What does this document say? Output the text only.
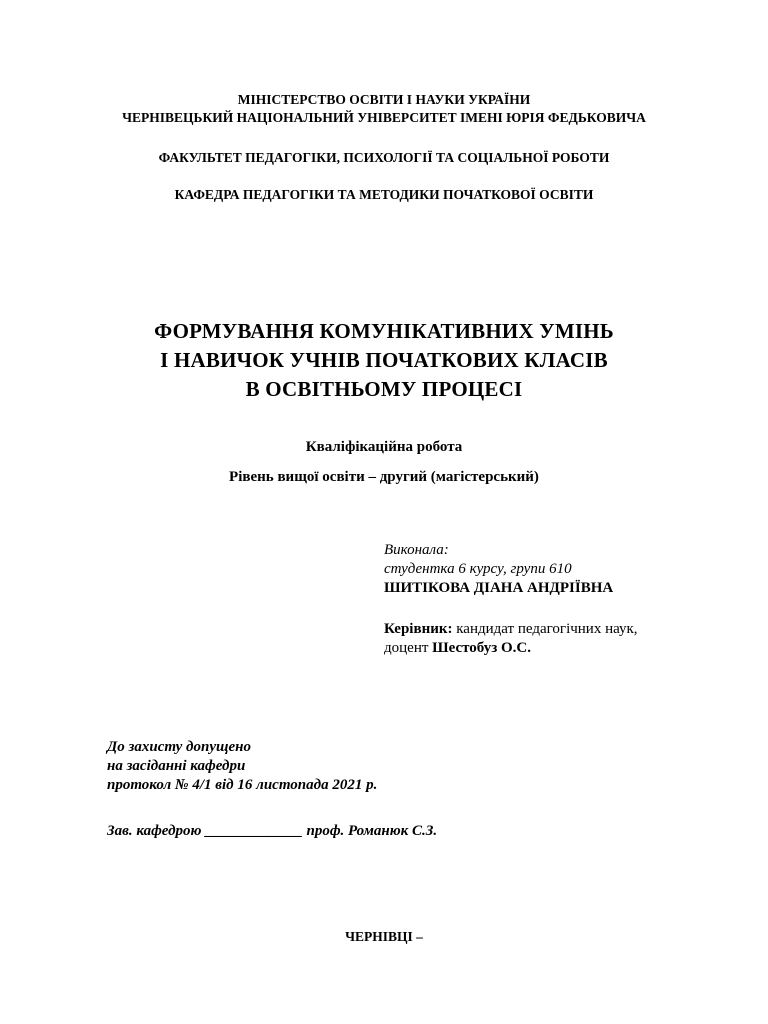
МІНІСТЕРСТВО ОСВІТИ І НАУКИ УКРАЇНИ
ЧЕРНІВЕЦЬКИЙ НАЦІОНАЛЬНИЙ УНІВЕРСИТЕТ ІМЕНІ ЮРІЯ ФЕДЬКОВИЧА
ФАКУЛЬТЕТ ПЕДАГОГІКИ, ПСИХОЛОГІЇ ТА СОЦІАЛЬНОЇ РОБОТИ
КАФЕДРА ПЕДАГОГІКИ ТА МЕТОДИКИ ПОЧАТКОВОЇ ОСВІТИ
ФОРМУВАННЯ КОМУНІКАТИВНИХ УМІНЬ
І НАВИЧОК УЧНІВ ПОЧАТКОВИХ КЛАСІВ
В ОСВІТНЬОМУ ПРОЦЕСІ
Кваліфікаційна робота
Рівень вищої освіти – другий (магістерський)
Виконала:
студентка 6 курсу, групи 610
ШИТІКОВА ДІАНА АНДРІЇВНА
Керівник: кандидат педагогічних наук,
доцент Шестобуз О.С.
До захисту допущено
на засіданні кафедри
протокол № 4/1 від 16 листопада 2021 р.
Зав. кафедрою _____________ проф. Романюк С.З.
ЧЕРНІВЦІ –
